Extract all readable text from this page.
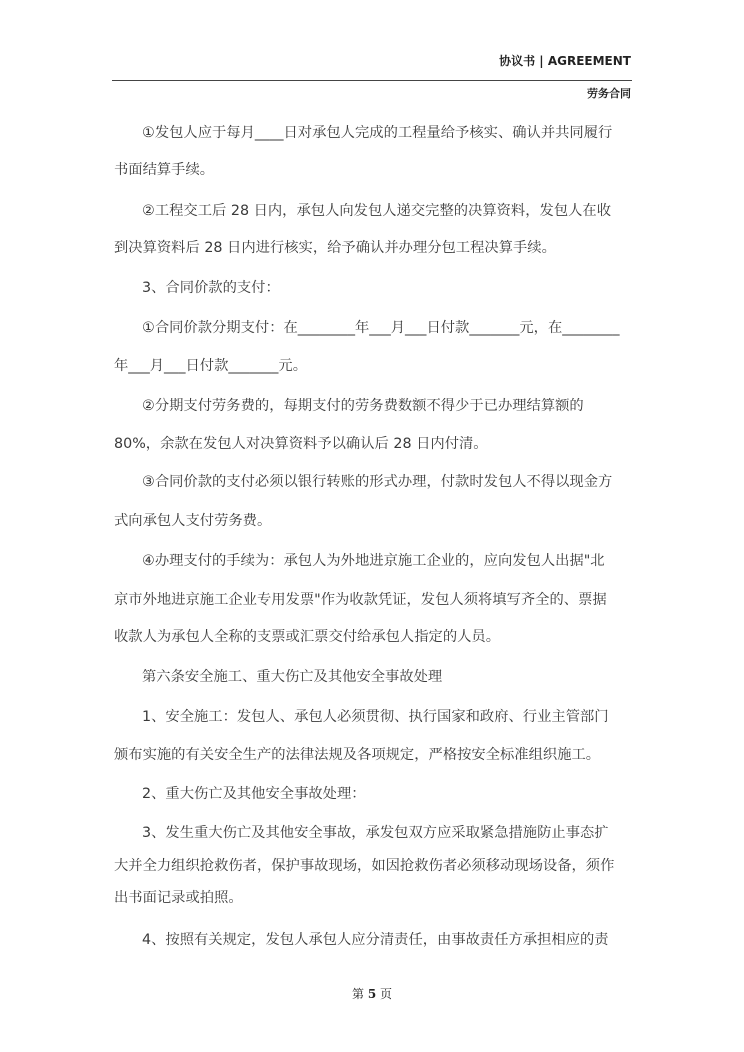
协议书 | AGREEMENT
劳务合同
①发包人应于每月____日对承包人完成的工程量给予核实、确认并共同履行
书面结算手续。
②工程交工后 28 日内，承包人向发包人递交完整的决算资料，发包人在收
到决算资料后 28 日内进行核实，给予确认并办理分包工程决算手续。
3、合同价款的支付：
①合同价款分期支付：在________年___月___日付款_______元，在________
年___月___日付款_______元。
②分期支付劳务费的，每期支付的劳务费数额不得少于已办理结算额的
80%，余款在发包人对决算资料予以确认后 28 日内付清。
③合同价款的支付必须以银行转账的形式办理，付款时发包人不得以现金方
式向承包人支付劳务费。
④办理支付的手续为：承包人为外地进京施工企业的，应向发包人出据"北
京市外地进京施工企业专用发票"作为收款凭证，发包人须将填写齐全的、票据
收款人为承包人全称的支票或汇票交付给承包人指定的人员。
第六条安全施工、重大伤亡及其他安全事故处理
1、安全施工：发包人、承包人必须贯彻、执行国家和政府、行业主管部门
颁布实施的有关安全生产的法律法规及各项规定，严格按安全标准组织施工。
2、重大伤亡及其他安全事故处理：
3、发生重大伤亡及其他安全事故，承发包双方应采取紧急措施防止事态扩
大并全力组织抢救伤者，保护事故现场，如因抢救伤者必须移动现场设备，须作
出书面记录或拍照。
4、按照有关规定，发包人承包人应分清责任，由事故责任方承担相应的责
第 5 页
